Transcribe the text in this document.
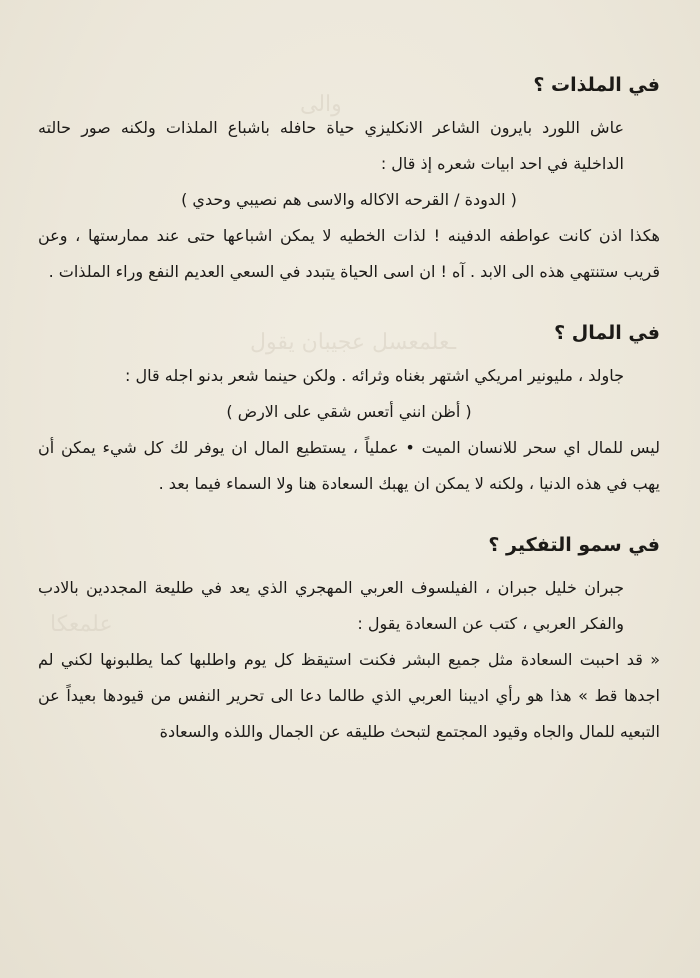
‏والى
‏ـعلمعسل عجيبان يقول
‏علمعكا
في الملذات ؟

عاش اللورد بايرون الشاعر الانكليزي حياة حافله باشباع الملذات ولكنه صور حالته الداخلية في احد ابيات شعره إذ قال :

( الدودة / القرحه الاكاله والاسى هم نصيبي وحدي )

هكذا اذن كانت عواطفه الدفينه ! لذات الخطيه لا يمكن اشباعها حتى عند ممارستها ، وعن قريب ستنتهي هذه الى الابد . آه ! ان اسى الحياة يتبدد في السعي العديم النفع وراء الملذات .

في المال ؟

جاولد ، مليونير امريكي اشتهر بغناه وثرائه . ولكن حينما شعر بدنو اجله قال :

( أظن انني أتعس شقي على الارض )

ليس للمال اي سحر للانسان الميت • عملياً ، يستطيع المال ان يوفر لك كل شيء يمكن أن يهب في هذه الدنيا ، ولكنه لا يمكن ان يهبك السعادة هنا ولا السماء فيما بعد .

في سمو التفكير ؟

جبران خليل جبران ، الفيلسوف العربي المهجري الذي يعد في طليعة المجددين بالادب والفكر العربي ، كتب عن السعادة يقول :

« قد احببت السعادة مثل جميع البشر فكنت استيقظ كل يوم واطلبها كما يطلبونها لكني لم اجدها قط » هذا هو رأي اديبنا العربي الذي طالما دعا الى تحرير النفس من قيودها بعيداً عن التبعيه للمال والجاه وقيود المجتمع لتبحث طليقه عن الجمال واللذه والسعادة
